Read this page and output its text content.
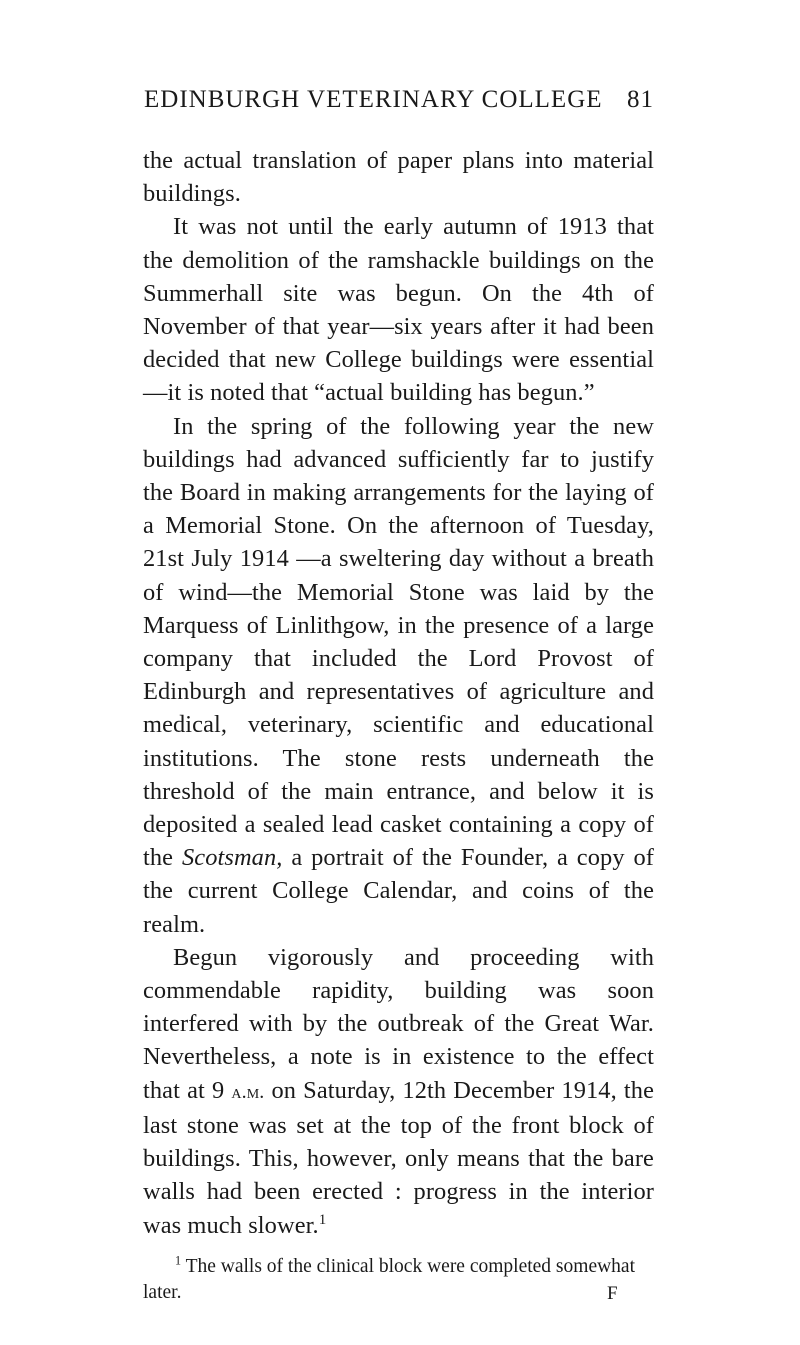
EDINBURGH VETERINARY COLLEGE 81

the actual translation of paper plans into material buildings.

It was not until the early autumn of 1913 that the demolition of the ramshackle buildings on the Summerhall site was begun. On the 4th of November of that year—six years after it had been decided that new College buildings were essential—it is noted that “actual building has begun.”

In the spring of the following year the new buildings had advanced sufficiently far to justify the Board in making arrangements for the laying of a Memorial Stone. On the afternoon of Tuesday, 21st July 1914 —a sweltering day without a breath of wind—the Memorial Stone was laid by the Marquess of Linlithgow, in the presence of a large company that included the Lord Provost of Edinburgh and representatives of agriculture and medical, veterinary, scientific and educational institutions. The stone rests underneath the threshold of the main entrance, and below it is deposited a sealed lead casket containing a copy of the Scotsman, a portrait of the Founder, a copy of the current College Calendar, and coins of the realm.

Begun vigorously and proceeding with commendable rapidity, building was soon interfered with by the outbreak of the Great War. Nevertheless, a note is in existence to the effect that at 9 a.m. on Saturday, 12th December 1914, the last stone was set at the top of the front block of buildings. This, however, only means that the bare walls had been erected : progress in the interior was much slower.$^1$

$^1$ The walls of the clinical block were completed somewhat later.	F
